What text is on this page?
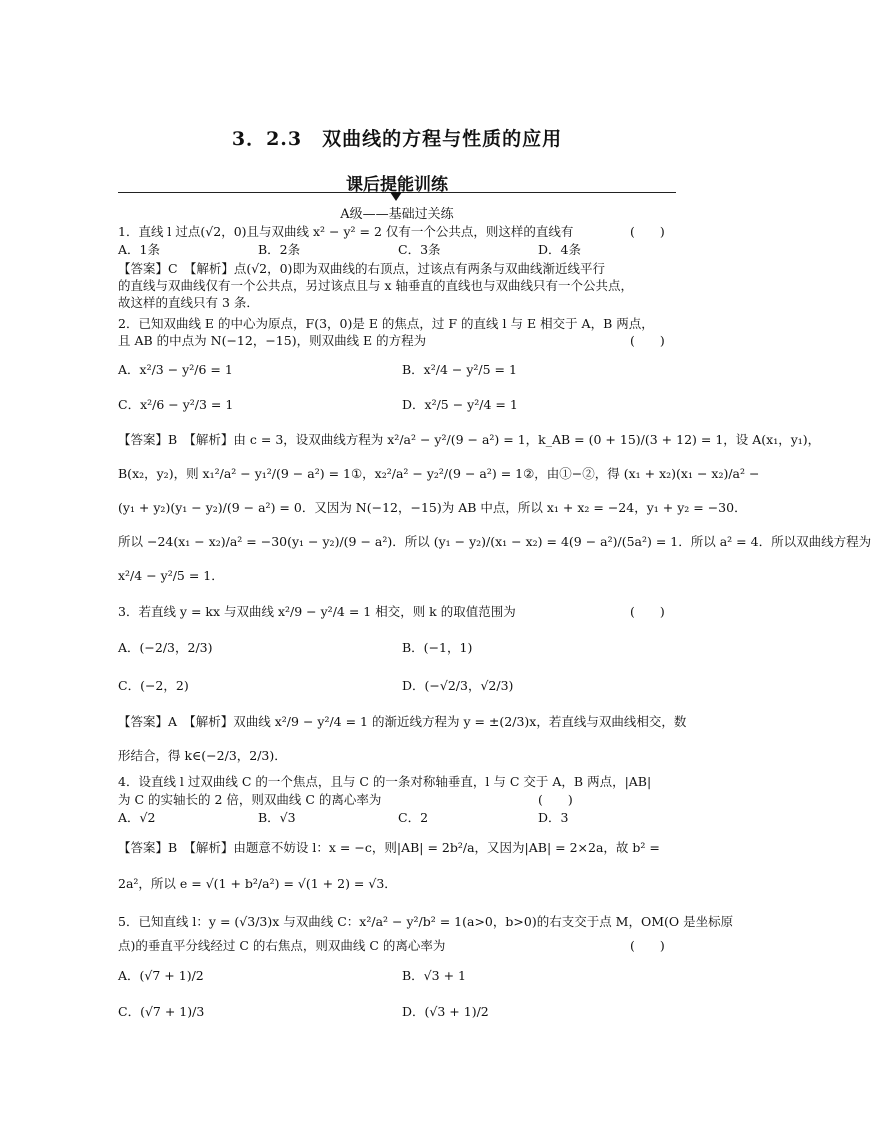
3．2.3　双曲线的方程与性质的应用
课后提能训练
A级——基础过关练
1．直线 l 过点(√2，0)且与双曲线 x² − y² = 2 仅有一个公共点，则这样的直线有	(　　)
A．1条	B．2条	C．3条	D．4条
【答案】C　【解析】点(√2，0)即为双曲线的右顶点，过该点有两条与双曲线渐近线平行
的直线与双曲线仅有一个公共点，另过该点且与 x 轴垂直的直线也与双曲线只有一个公共点，
故这样的直线只有 3 条．
2．已知双曲线 E 的中心为原点，F(3，0)是 E 的焦点，过 F 的直线 l 与 E 相交于 A，B 两点，
且 AB 的中点为 N(−12，−15)，则双曲线 E 的方程为	(　　)
A．x²/3 − y²/6 = 1	B．x²/4 − y²/5 = 1
C．x²/6 − y²/3 = 1	D．x²/5 − y²/4 = 1
【答案】B　【解析】由 c = 3，设双曲线方程为 x²/a² − y²/(9 − a²) = 1，k_AB = (0 + 15)/(3 + 12) = 1，设 A(x₁，y₁)，
B(x₂，y₂)，则 x₁²/a² − y₁²/(9 − a²) = 1①，x₂²/a² − y₂²/(9 − a²) = 1②，由①−②，得 (x₁ + x₂)(x₁ − x₂)/a² −
(y₁ + y₂)(y₁ − y₂)/(9 − a²) = 0．又因为 N(−12，−15)为 AB 中点，所以 x₁ + x₂ = −24，y₁ + y₂ = −30．
所以 −24(x₁ − x₂)/a² = −30(y₁ − y₂)/(9 − a²)．所以 (y₁ − y₂)/(x₁ − x₂) = 4(9 − a²)/(5a²) = 1．所以 a² = 4．所以双曲线方程为
x²/4 − y²/5 = 1．
3．若直线 y = kx 与双曲线 x²/9 − y²/4 = 1 相交，则 k 的取值范围为	(　　)
A．(−2/3，2/3)	B．(−1，1)
C．(−2，2)	D．(−√2/3，√2/3)
【答案】A　【解析】双曲线 x²/9 − y²/4 = 1 的渐近线方程为 y = ±(2/3)x，若直线与双曲线相交，数
形结合，得 k∈(−2/3，2/3)．
4．设直线 l 过双曲线 C 的一个焦点，且与 C 的一条对称轴垂直，l 与 C 交于 A，B 两点，|AB|
为 C 的实轴长的 2 倍，则双曲线 C 的离心率为	(　　)
A．√2	B．√3	C．2	D．3
【答案】B　【解析】由题意不妨设 l：x = −c，则|AB| = 2b²/a，又因为|AB| = 2×2a，故 b² =
2a²，所以 e = √(1 + b²/a²) = √(1 + 2) = √3．
5．已知直线 l：y = (√3/3)x 与双曲线 C：x²/a² − y²/b² = 1(a>0，b>0)的右支交于点 M，OM(O 是坐标原
点)的垂直平分线经过 C 的右焦点，则双曲线 C 的离心率为	(　　)
A．(√7 + 1)/2	B．√3 + 1
C．(√7 + 1)/3	D．(√3 + 1)/2
